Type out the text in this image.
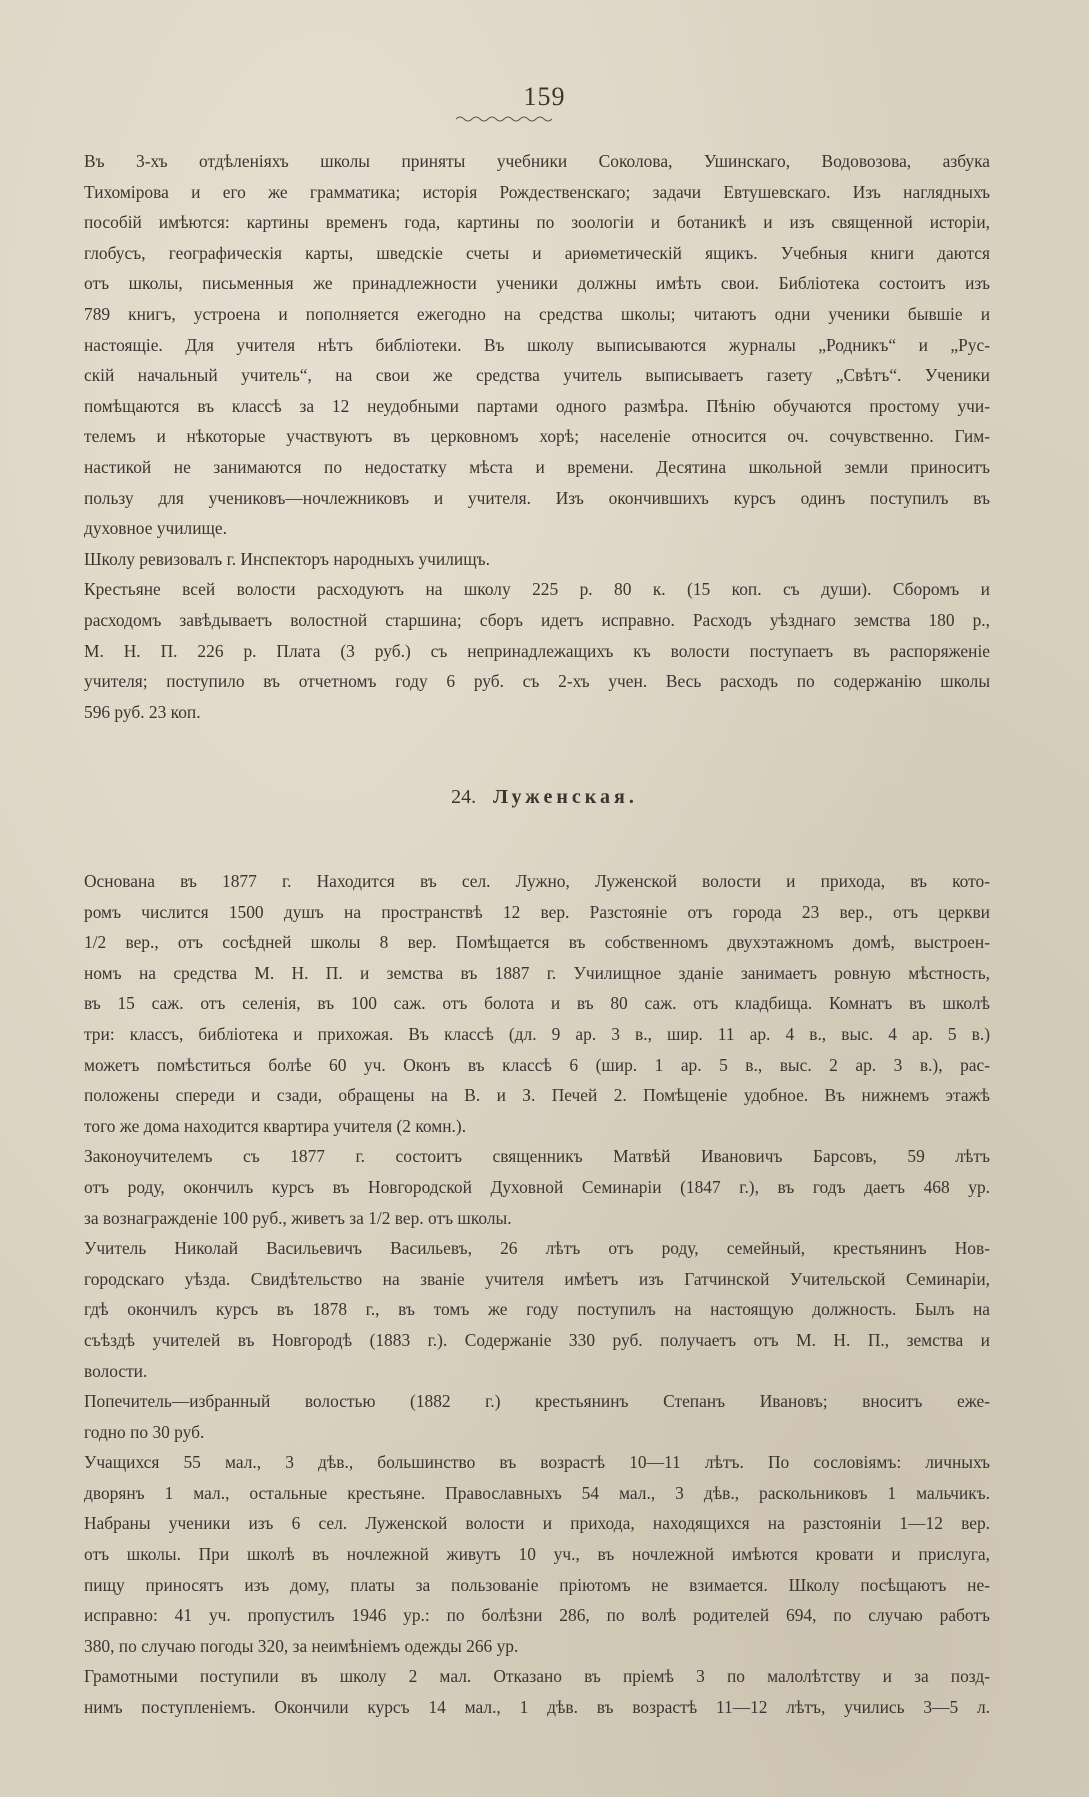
159
Въ 3-хъ отдѣленіяхъ школы приняты учебники Соколова, Ушинскаго, Водовозова, азбука
Тихоміpова и его же грамматика; исторія Рождественскаго; задачи Евтушевскаго. Изъ наглядныхъ
пособій имѣются: картины временъ года, картины по зоологіи и ботаникѣ и изъ священной исторіи,
глобусъ, географическія карты, шведскіе счеты и ариѳметическій ящикъ. Учебныя книги даются
отъ школы, письменныя же принадлежности ученики должны имѣть свои. Библіотека состоитъ изъ
789 книгъ, устроена и пополняется ежегодно на средства школы; читаютъ одни ученики бывшіе и
настоящіе. Для учителя нѣтъ библіотеки. Въ школу выписываются журналы „Родникъ“ и „Рус-
скій начальный учитель“, на свои же средства учитель выписываетъ газету „Свѣтъ“. Ученики
помѣщаются въ классѣ за 12 неудобными партами одного размѣра. Пѣнію обучаются простому учи-
телемъ и нѣкоторые участвуютъ въ церковномъ хорѣ; населеніе относится оч. сочувственно. Гим-
настикой не занимаются по недостатку мѣста и времени. Десятина школьной земли приноситъ
пользу для учениковъ—ночлежниковъ и учителя. Изъ окончившихъ курсъ одинъ поступилъ въ
духовное училище.
Школу ревизовалъ г. Инспекторъ народныхъ училищъ.
Крестьяне всей волости расходуютъ на школу 225 р. 80 к. (15 коп. съ души). Сборомъ и
расходомъ завѣдываетъ волостной старшина; сборъ идетъ исправно. Расходъ уѣзднаго земства 180 р.,
М. Н. П. 226 р. Плата (3 руб.) съ непринадлежащихъ къ волости поступаетъ въ распоряженіе
учителя; поступило въ отчетномъ году 6 руб. съ 2-хъ учен. Весь расходъ по содержанію школы
596 руб. 23 коп.
24. Луженская.
Основана въ 1877 г. Находится въ сел. Лужно, Луженской волости и прихода, въ кото-
ромъ числится 1500 душъ на пространствѣ 12 вер. Разстояніе отъ города 23 вер., отъ церкви
1/2 вер., отъ сосѣдней школы 8 вер. Помѣщается въ собственномъ двухэтажномъ домѣ, выстроен-
номъ на средства М. Н. П. и земства въ 1887 г. Училищное зданіе занимаетъ ровную мѣстность,
въ 15 саж. отъ селенія, въ 100 саж. отъ болота и въ 80 саж. отъ кладбища. Комнатъ въ школѣ
три: классъ, библіотека и прихожая. Въ классѣ (дл. 9 ар. 3 в., шир. 11 ар. 4 в., выс. 4 ар. 5 в.)
можетъ помѣститься болѣе 60 уч. Оконъ въ классѣ 6 (шир. 1 ар. 5 в., выс. 2 ар. 3 в.), рас-
положены спереди и сзади, обращены на В. и З. Печей 2. Помѣщеніе удобное. Въ нижнемъ этажѣ
того же дома находится квартира учителя (2 комн.).
Законоучителемъ съ 1877 г. состоитъ священникъ Матвѣй Ивановичъ Барсовъ, 59 лѣтъ
отъ роду, окончилъ курсъ въ Новгородской Духовной Семинаріи (1847 г.), въ годъ даетъ 468 ур.
за вознагражденіе 100 руб., живетъ за 1/2 вер. отъ школы.
Учитель Николай Васильевичъ Васильевъ, 26 лѣтъ отъ роду, семейный, крестьянинъ Нов-
городскаго уѣзда. Свидѣтельство на званіе учителя имѣетъ изъ Гатчинской Учительской Семинаріи,
гдѣ окончилъ курсъ въ 1878 г., въ томъ же году поступилъ на настоящую должность. Былъ на
съѣздѣ учителей въ Новгородѣ (1883 г.). Содержаніе 330 руб. получаетъ отъ М. Н. П., земства и
волости.
Попечитель—избранный волостью (1882 г.) крестьянинъ Степанъ Ивановъ; вноситъ еже-
годно по 30 руб.
Учащихся 55 мал., 3 дѣв., большинство въ возрастѣ 10—11 лѣтъ. По сословіямъ: личныхъ
дворянъ 1 мал., остальные крестьяне. Православныхъ 54 мал., 3 дѣв., раскольниковъ 1 мальчикъ.
Набраны ученики изъ 6 сел. Луженской волости и прихода, находящихся на разстояніи 1—12 вер.
отъ школы. При школѣ въ ночлежной живутъ 10 уч., въ ночлежной имѣются кровати и прислуга,
пищу приносятъ изъ дому, платы за пользованіе пріютомъ не взимается. Школу посѣщаютъ не-
исправно: 41 уч. пропустилъ 1946 ур.: по болѣзни 286, по волѣ родителей 694, по случаю работъ
380, по случаю погоды 320, за неимѣніемъ одежды 266 ур.
Грамотными поступили въ школу 2 мал. Отказано въ пріемѣ 3 по малолѣтству и за позд-
нимъ поступленіемъ. Окончили курсъ 14 мал., 1 дѣв. въ возрастѣ 11—12 лѣтъ, учились 3—5 л.
